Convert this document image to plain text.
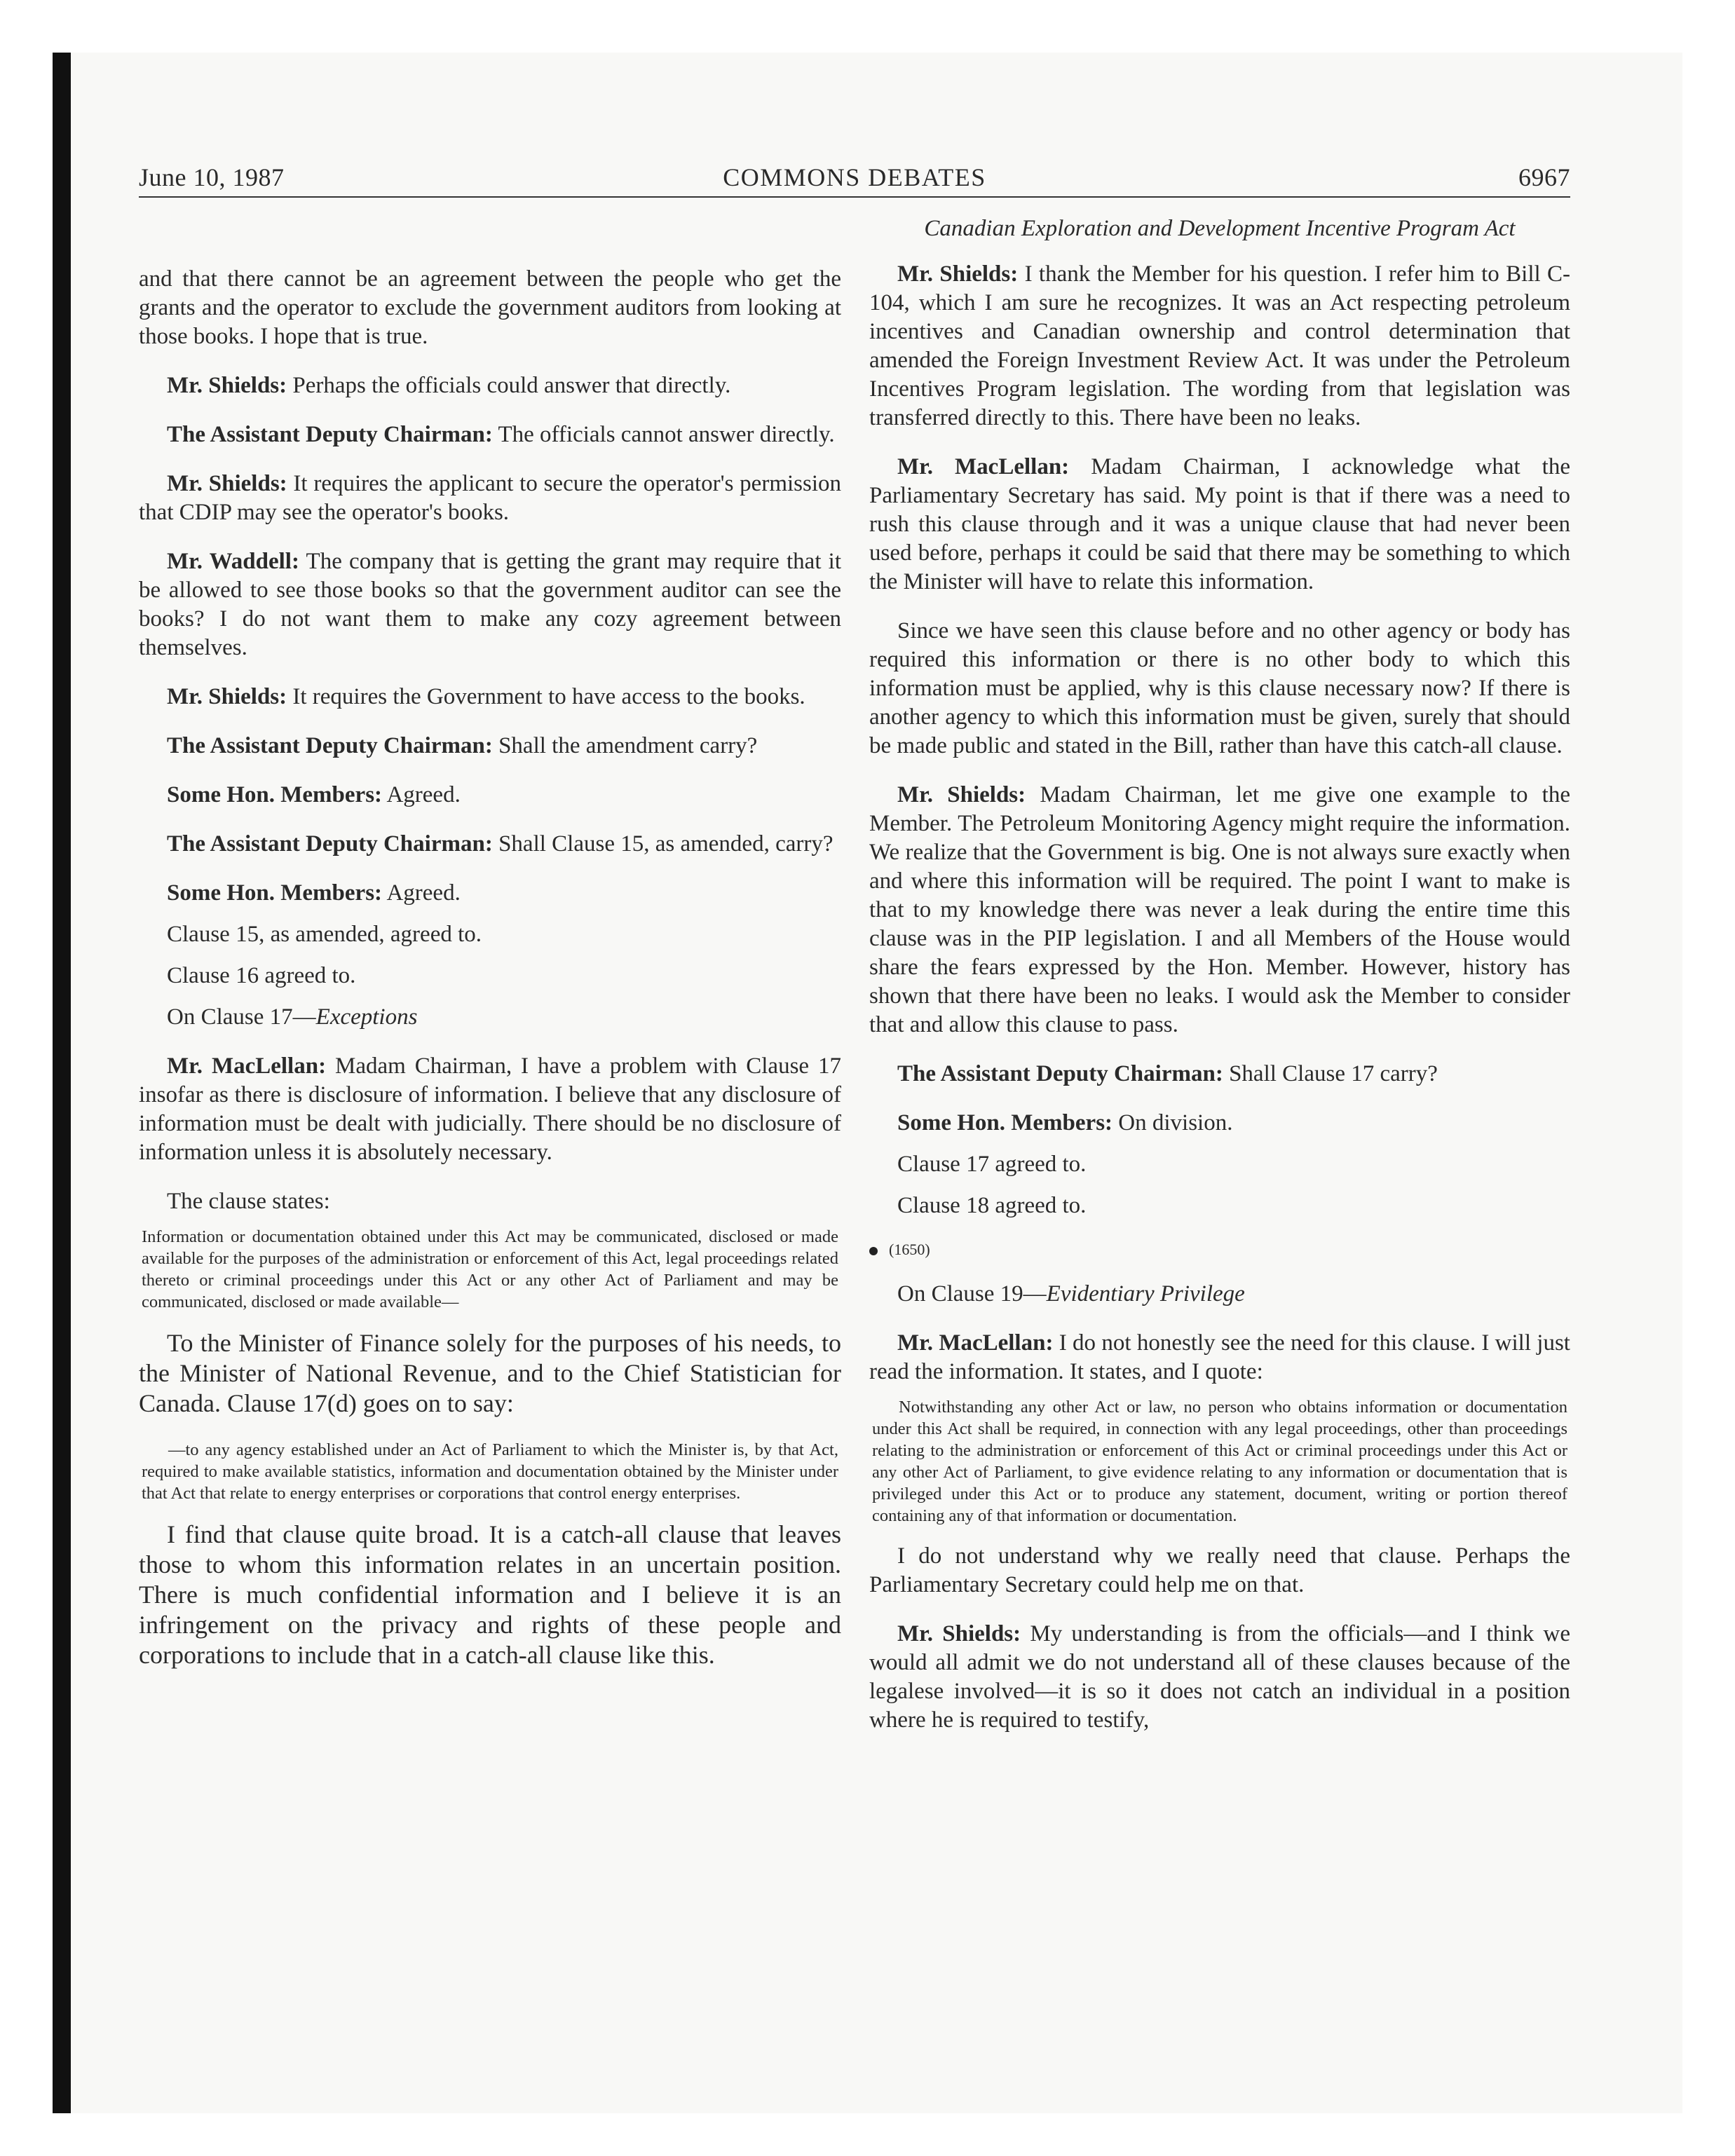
June 10, 1987	COMMONS DEBATES	6967

and that there cannot be an agreement between the people who get the grants and the operator to exclude the government auditors from looking at those books. I hope that is true.

Mr. Shields: Perhaps the officials could answer that directly.

The Assistant Deputy Chairman: The officials cannot answer directly.

Mr. Shields: It requires the applicant to secure the operator's permission that CDIP may see the operator's books.

Mr. Waddell: The company that is getting the grant may require that it be allowed to see those books so that the government auditor can see the books? I do not want them to make any cozy agreement between themselves.

Mr. Shields: It requires the Government to have access to the books.

The Assistant Deputy Chairman: Shall the amendment carry?

Some Hon. Members: Agreed.

The Assistant Deputy Chairman: Shall Clause 15, as amended, carry?

Some Hon. Members: Agreed.

Clause 15, as amended, agreed to.

Clause 16 agreed to.

On Clause 17—Exceptions

Mr. MacLellan: Madam Chairman, I have a problem with Clause 17 insofar as there is disclosure of information. I believe that any disclosure of information must be dealt with judicially. There should be no disclosure of information unless it is absolutely necessary.

The clause states:

Information or documentation obtained under this Act may be communicated, disclosed or made available for the purposes of the administration or enforcement of this Act, legal proceedings related thereto or criminal proceedings under this Act or any other Act of Parliament and may be communicated, disclosed or made available—

To the Minister of Finance solely for the purposes of his needs, to the Minister of National Revenue, and to the Chief Statistician for Canada. Clause 17(d) goes on to say:

—to any agency established under an Act of Parliament to which the Minister is, by that Act, required to make available statistics, information and documentation obtained by the Minister under that Act that relate to energy enterprises or corporations that control energy enterprises.

I find that clause quite broad. It is a catch-all clause that leaves those to whom this information relates in an uncertain position. There is much confidential information and I believe it is an infringement on the privacy and rights of these people and corporations to include that in a catch-all clause like this.

Canadian Exploration and Development Incentive Program Act

Mr. Shields: I thank the Member for his question. I refer him to Bill C-104, which I am sure he recognizes. It was an Act respecting petroleum incentives and Canadian ownership and control determination that amended the Foreign Investment Review Act. It was under the Petroleum Incentives Program legislation. The wording from that legislation was transferred directly to this. There have been no leaks.

Mr. MacLellan: Madam Chairman, I acknowledge what the Parliamentary Secretary has said. My point is that if there was a need to rush this clause through and it was a unique clause that had never been used before, perhaps it could be said that there may be something to which the Minister will have to relate this information.

Since we have seen this clause before and no other agency or body has required this information or there is no other body to which this information must be applied, why is this clause necessary now? If there is another agency to which this information must be given, surely that should be made public and stated in the Bill, rather than have this catch-all clause.

Mr. Shields: Madam Chairman, let me give one example to the Member. The Petroleum Monitoring Agency might require the information. We realize that the Government is big. One is not always sure exactly when and where this information will be required. The point I want to make is that to my knowledge there was never a leak during the entire time this clause was in the PIP legislation. I and all Members of the House would share the fears expressed by the Hon. Member. However, history has shown that there have been no leaks. I would ask the Member to consider that and allow this clause to pass.

The Assistant Deputy Chairman: Shall Clause 17 carry?

Some Hon. Members: On division.

Clause 17 agreed to.

Clause 18 agreed to.

(1650)

On Clause 19—Evidentiary Privilege

Mr. MacLellan: I do not honestly see the need for this clause. I will just read the information. It states, and I quote:

Notwithstanding any other Act or law, no person who obtains information or documentation under this Act shall be required, in connection with any legal proceedings, other than proceedings relating to the administration or enforcement of this Act or criminal proceedings under this Act or any other Act of Parliament, to give evidence relating to any information or documentation that is privileged under this Act or to produce any statement, document, writing or portion thereof containing any of that information or documentation.

I do not understand why we really need that clause. Perhaps the Parliamentary Secretary could help me on that.

Mr. Shields: My understanding is from the officials—and I think we would all admit we do not understand all of these clauses because of the legalese involved—it is so it does not catch an individual in a position where he is required to testify,
